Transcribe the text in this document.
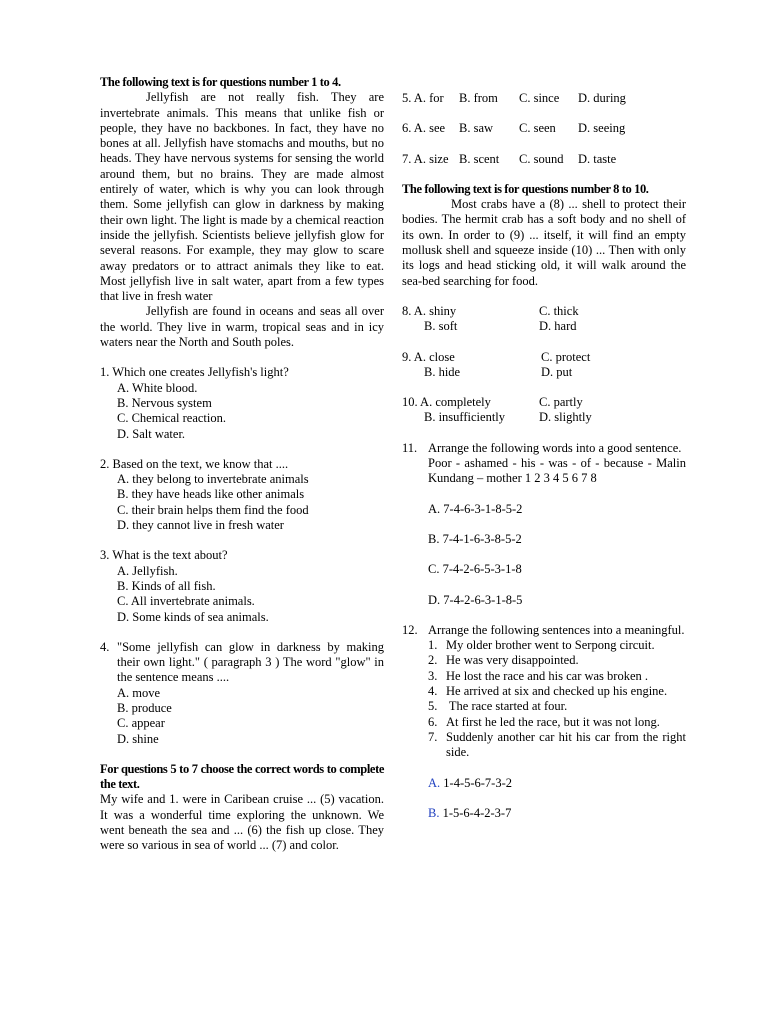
The following text is for questions number 1 to 4.
Jellyfish are not really fish. They are invertebrate animals. This means that unlike fish or people, they have no backbones. In fact, they have no bones at all. Jellyfish have stomachs and mouths, but no heads. They have nervous systems for sensing the world around them, but no brains. They are made almost entirely of water, which is why you can look through them. Some jellyfish can glow in darkness by making their own light. The light is made by a chemical reaction inside the jellyfish. Scientists believe jellyfish glow for several reasons. For example, they may glow to scare away predators or to attract animals they like to eat. Most jellyfish live in salt water, apart from a few types that live in fresh water
Jellyfish are found in oceans and seas all over the world. They live in warm, tropical seas and in icy waters near the North and South poles.
1. Which one creates Jellyfish's light?
A. White blood.
B. Nervous system
C. Chemical reaction.
D. Salt water.
2. Based on the text, we know that ....
A. they belong to invertebrate animals
B. they have heads like other animals
C. their brain helps them find the food
D. they cannot live in fresh water
3. What is the text about?
A. Jellyfish.
B. Kinds of all fish.
C. All invertebrate animals.
D. Some kinds of sea animals.
4. "Some jellyfish can glow in darkness by making their own light." ( paragraph 3 ) The word "glow" in the sentence means ....
A. move
B. produce
C. appear
D. shine
For questions 5 to 7 choose the correct words to complete the text.
My wife and 1. were in Caribean cruise ... (5) vacation. It was a wonderful time exploring the unknown. We went beneath the sea and ... (6) the fish up close. They were so various in sea of world ... (7) and color.
5. A. for	B. from	C. since	D. during
6. A. see	B. saw	C. seen	D. seeing
7. A. size B. scent	C. sound	D. taste
The following text is for questions number 8 to 10.
Most crabs have a (8) ... shell to protect their bodies. The hermit crab has a soft body and no shell of its own. In order to (9) ... itself, it will find an empty mollusk shell and squeeze inside (10) ... Then with only its logs and head sticking old, it will walk around the sea-bed searching for food.
8. A. shiny	C. thick
B. soft	D. hard
9. A. close	C. protect
B. hide	D. put
10. A. completely	C. partly
B. insufficiently	D. slightly
11. Arrange the following words into a good sentence.
Poor - ashamed - his - was - of - because - Malin Kundang – mother 1 2 3 4 5 6 7 8
A. 7-4-6-3-1-8-5-2
B. 7-4-1-6-3-8-5-2
C. 7-4-2-6-5-3-1-8
D. 7-4-2-6-3-1-8-5
12. Arrange the following sentences into a meaningful.
1. My older brother went to Serpong circuit.
2. He was very disappointed.
3. He lost the race and his car was broken .
4. He arrived at six and checked up his engine.
5. The race started at four.
6. At first he led the race, but it was not long.
7. Suddenly another car hit his car from the right side.
A. 1-4-5-6-7-3-2
B. 1-5-6-4-2-3-7
